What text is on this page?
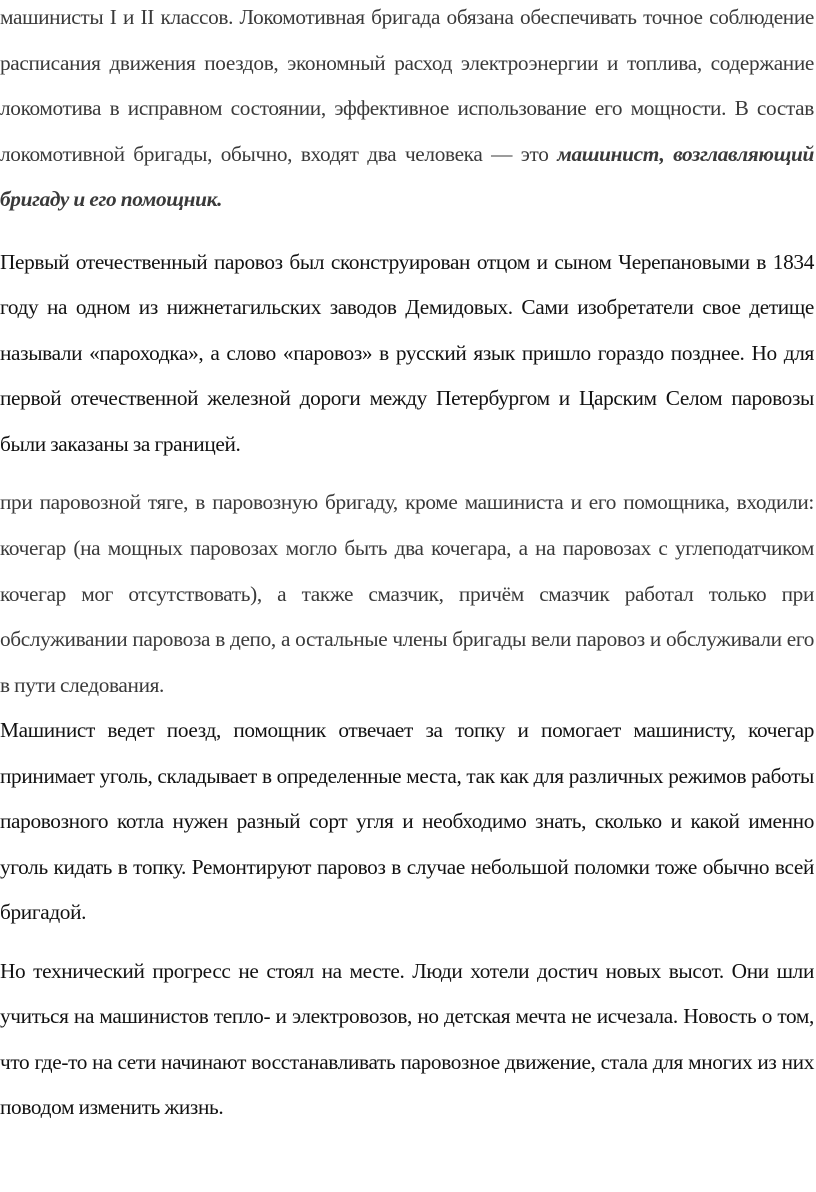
машинисты I и II классов. Локомотивная бригада обязана обеспечивать точное соблюдение расписания движения поездов, экономный расход электроэнергии и топлива, содержание локомотива в исправном состоянии, эффективное использование его мощности. В состав локомотивной бригады, обычно, входят два человека — это машинист, возглавляющий бригаду и его помощник.

Первый отечественный паровоз был сконструирован отцом и сыном Черепановыми в 1834 году на одном из нижнетагильских заводов Демидовых. Сами изобретатели свое детище называли «пароходка», а слово «паровоз» в русский язык пришло гораздо позднее. Но для первой отечественной железной дороги между Петербургом и Царским Селом паровозы были заказаны за границей.

при паровозной тяге, в паровозную бригаду, кроме машиниста и его помощника, входили: кочегар (на мощных паровозах могло быть два кочегара, а на паровозах с углеподатчиком кочегар мог отсутствовать), а также смазчик, причём смазчик работал только при обслуживании паровоза в депо, а остальные члены бригады вели паровоз и обслуживали его в пути следования.

Машинист ведет поезд, помощник отвечает за топку и помогает машинисту, кочегар принимает уголь, складывает в определенные места, так как для различных режимов работы паровозного котла нужен разный сорт угля и необходимо знать, сколько и какой именно уголь кидать в топку. Ремонтируют паровоз в случае небольшой поломки тоже обычно всей бригадой.

Но технический прогресс не стоял на месте. Люди хотели достич новых высот. Они шли учиться на машинистов тепло- и электровозов, но детская мечта не исчезала. Новость о том, что где-то на сети начинают восстанавливать паровозное движение, стала для многих из них поводом изменить жизнь.
